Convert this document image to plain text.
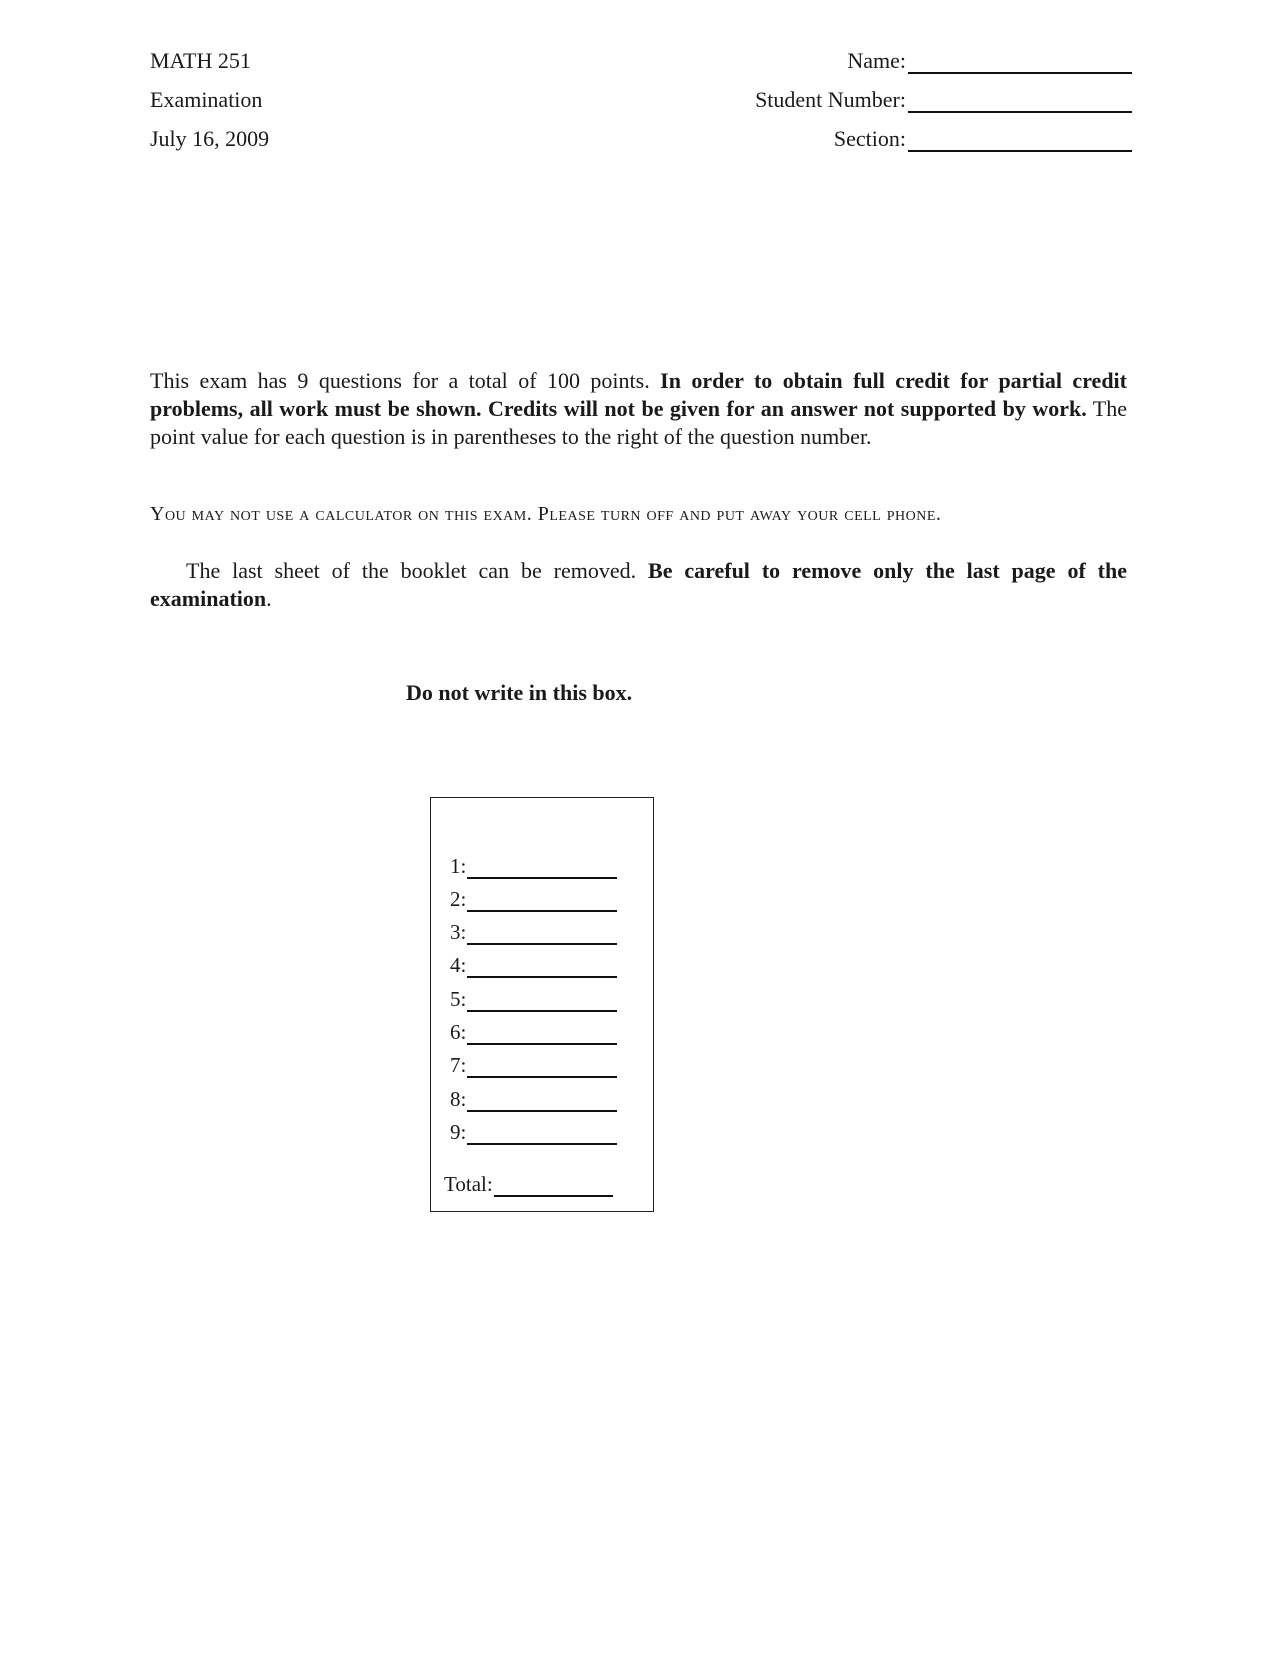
MATH 251
Examination
July 16, 2009
Name:
Student Number:
Section:
This exam has 9 questions for a total of 100 points. In order to obtain full credit for partial credit problems, all work must be shown. Credits will not be given for an answer not supported by work. The point value for each question is in parentheses to the right of the question number.
You may not use a calculator on this exam. Please turn off and put away your cell phone.
The last sheet of the booklet can be removed. Be careful to remove only the last page of the examination.
Do not write in this box.
1:
2:
3:
4:
5:
6:
7:
8:
9:
Total:
